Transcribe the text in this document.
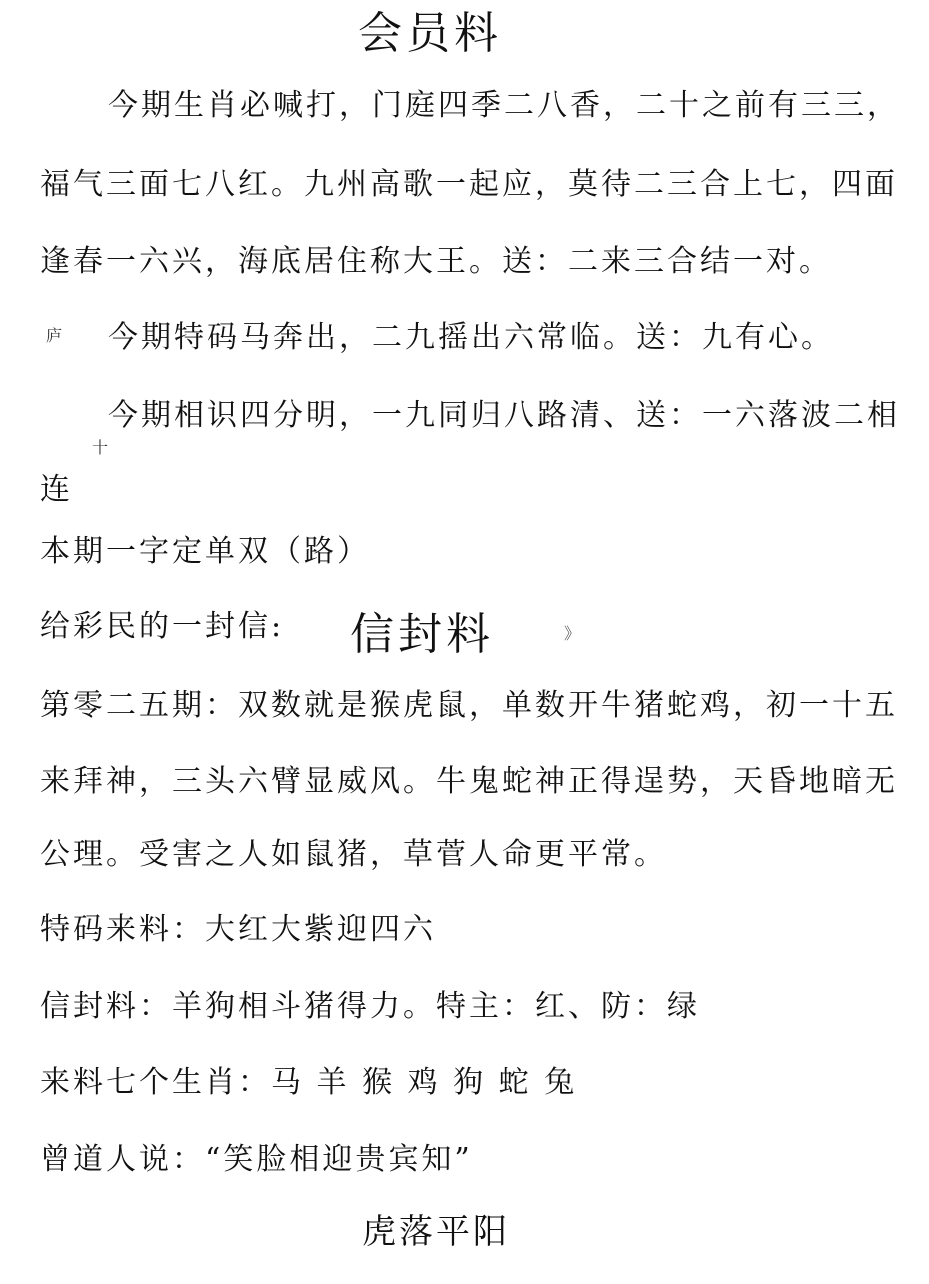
会员料
今期生肖必喊打，门庭四季二八香，二十之前有三三，
福气三面七八红。九州高歌一起应，莫待二三合上七，四面
逢春一六兴，海底居住称大王。送：二来三合结一对。
庐 今期特码马奔出，二九摇出六常临。送：九有心。
今期相识四分明，一九同归八路清、送：一六落波二相
十
连
本期一字定单双（路）
给彩民的一封信: 信封料	》
第零二五期：双数就是猴虎鼠，单数开牛猪蛇鸡，初一十五
来拜神，三头六臂显威风。牛鬼蛇神正得逞势，天昏地暗无
公理。受害之人如鼠猪，草菅人命更平常。
特码来料：大红大紫迎四六
信封料：羊狗相斗猪得力。特主：红、防：绿
来料七个生肖：马 羊 猴 鸡 狗 蛇 兔
曾道人说：“笑脸相迎贵宾知”
虎落平阳
